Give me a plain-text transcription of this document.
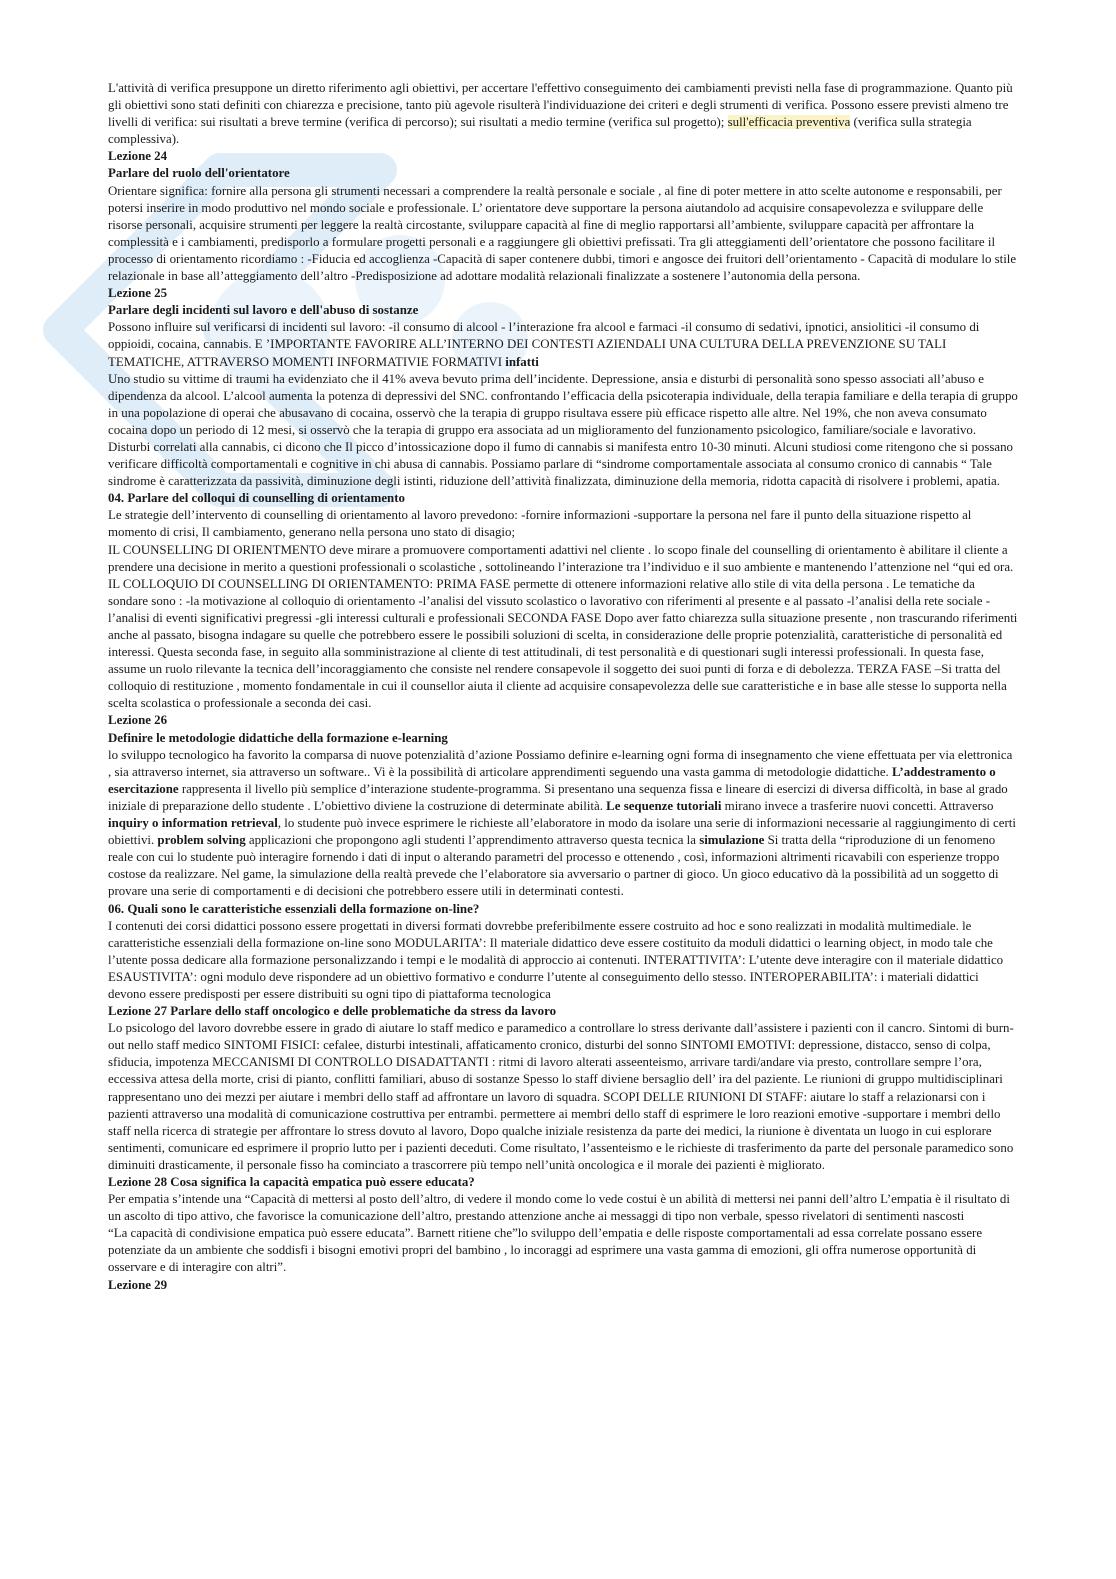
L'attività di verifica presuppone un diretto riferimento agli obiettivi, per accertare l'effettivo conseguimento dei cambiamenti previsti nella fase di programmazione. Quanto più gli obiettivi sono stati definiti con chiarezza e precisione, tanto più agevole risulterà l'individuazione dei criteri e degli strumenti di verifica. Possono essere previsti almeno tre livelli di verifica: sui risultati a breve termine (verifica di percorso); sui risultati a medio termine (verifica sul progetto); sull'efficacia preventiva (verifica sulla strategia complessiva).

Lezione 24

Parlare del ruolo dell'orientatore

Orientare significa: fornire alla persona gli strumenti necessari a comprendere la realtà personale e sociale , al fine di poter mettere in atto scelte autonome e responsabili, per potersi inserire in modo produttivo nel mondo sociale e professionale. L’ orientatore deve supportare la persona aiutandolo ad acquisire consapevolezza e sviluppare delle risorse personali, acquisire strumenti per leggere la realtà circostante, sviluppare capacità al fine di meglio rapportarsi all’ambiente, sviluppare capacità per affrontare la complessità e i cambiamenti, predisporlo a formulare progetti personali e a raggiungere gli obiettivi prefissati. Tra gli atteggiamenti dell’orientatore che possono facilitare il processo di orientamento ricordiamo : -Fiducia ed accoglienza -Capacità di saper contenere dubbi, timori e angosce dei fruitori dell’orientamento - Capacità di modulare lo stile relazionale in base all’atteggiamento dell’altro -Predisposizione ad adottare modalità relazionali finalizzate a sostenere l’autonomia della persona.

Lezione 25

Parlare degli incidenti sul lavoro e dell'abuso di sostanze

Possono influire sul verificarsi di incidenti sul lavoro: -il consumo di alcool - l’interazione fra alcool e farmaci -il consumo di sedativi, ipnotici, ansiolitici -il consumo di oppioidi, cocaina, cannabis. E ’IMPORTANTE FAVORIRE ALL’INTERNO DEI CONTESTI AZIENDALI UNA CULTURA DELLA PREVENZIONE SU TALI TEMATICHE, ATTRAVERSO MOMENTI INFORMATIVIE FORMATIVI infatti

Uno studio su vittime di traumi ha evidenziato che il 41% aveva bevuto prima dell’incidente. Depressione, ansia e disturbi di personalità sono spesso associati all’abuso e dipendenza da alcool. L’alcool aumenta la potenza di depressivi del SNC. confrontando l’efficacia della psicoterapia individuale, della terapia familiare e della terapia di gruppo in una popolazione di operai che abusavano di cocaina, osservò che la terapia di gruppo risultava essere più efficace rispetto alle altre. Nel 19%, che non aveva consumato cocaina dopo un periodo di 12 mesi, si osservò che la terapia di gruppo era associata ad un miglioramento del funzionamento psicologico, familiare/sociale e lavorativo. Disturbi correlati alla cannabis, ci dicono che Il picco d’intossicazione dopo il fumo di cannabis si manifesta entro 10-30 minuti. Alcuni studiosi come ritengono che si possano verificare difficoltà comportamentali e cognitive in chi abusa di cannabis. Possiamo parlare di “sindrome comportamentale associata al consumo cronico di cannabis “ Tale sindrome è caratterizzata da passività, diminuzione degli istinti, riduzione dell’attività finalizzata, diminuzione della memoria, ridotta capacità di risolvere i problemi, apatia.

04. Parlare del colloqui di counselling di orientamento

Le strategie dell’intervento di counselling di orientamento al lavoro prevedono: -fornire informazioni -supportare la persona nel fare il punto della situazione rispetto al momento di crisi, Il cambiamento, generano nella persona uno stato di disagio;

IL COUNSELLING DI ORIENTMENTO deve mirare a promuovere comportamenti adattivi nel cliente . lo scopo finale del counselling di orientamento è abilitare il cliente a prendere una decisione in merito a questioni professionali o scolastiche , sottolineando l’interazione tra l’individuo e il suo ambiente e mantenendo l’attenzione nel “qui ed ora.

IL COLLOQUIO DI COUNSELLING DI ORIENTAMENTO: PRIMA FASE permette di ottenere informazioni relative allo stile di vita della persona . Le tematiche da sondare sono : -la motivazione al colloquio di orientamento -l’analisi del vissuto scolastico o lavorativo con riferimenti al presente e al passato -l’analisi della rete sociale -l’analisi di eventi significativi pregressi -gli interessi culturali e professionali SECONDA FASE Dopo aver fatto chiarezza sulla situazione presente , non trascurando riferimenti anche al passato, bisogna indagare su quelle che potrebbero essere le possibili soluzioni di scelta, in considerazione delle proprie potenzialità, caratteristiche di personalità ed interessi. Questa seconda fase, in seguito alla somministrazione al cliente di test attitudinali, di test personalità e di questionari sugli interessi professionali. In questa fase, assume un ruolo rilevante la tecnica dell’incoraggiamento che consiste nel rendere consapevole il soggetto dei suoi punti di forza e di debolezza. TERZA FASE –Si tratta del colloquio di restituzione , momento fondamentale in cui il counsellor aiuta il cliente ad acquisire consapevolezza delle sue caratteristiche e in base alle stesse lo supporta nella scelta scolastica o professionale a seconda dei casi.

Lezione 26

Definire le metodologie didattiche della formazione e-learning

lo sviluppo tecnologico ha favorito la comparsa di nuove potenzialità d’azione Possiamo definire e-learning ogni forma di insegnamento che viene effettuata per via elettronica , sia attraverso internet, sia attraverso un software.. Vi è la possibilità di articolare apprendimenti seguendo una vasta gamma di metodologie didattiche. L’addestramento o esercitazione rappresenta il livello più semplice d’interazione studente-programma. Si presentano una sequenza fissa e lineare di esercizi di diversa difficoltà, in base al grado iniziale di preparazione dello studente . L’obiettivo diviene la costruzione di determinate abilità. Le sequenze tutoriali mirano invece a trasferire nuovi concetti. Attraverso inquiry o information retrieval, lo studente può invece esprimere le richieste all’elaboratore in modo da isolare una serie di informazioni necessarie al raggiungimento di certi obiettivi. problem solving applicazioni che propongono agli studenti l’apprendimento attraverso questa tecnica la simulazione Si tratta della “riproduzione di un fenomeno reale con cui lo studente può interagire fornendo i dati di input o alterando parametri del processo e ottenendo , così, informazioni altrimenti ricavabili con esperienze troppo costose da realizzare. Nel game, la simulazione della realtà prevede che l’elaboratore sia avversario o partner di gioco. Un gioco educativo dà la possibilità ad un soggetto di provare una serie di comportamenti e di decisioni che potrebbero essere utili in determinati contesti.

06. Quali sono le caratteristiche essenziali della formazione on-line?

I contenuti dei corsi didattici possono essere progettati in diversi formati dovrebbe preferibilmente essere costruito ad hoc e sono realizzati in modalità multimediale. le caratteristiche essenziali della formazione on-line sono MODULARITA’: Il materiale didattico deve essere costituito da moduli didattici o learning object, in modo tale che l’utente possa dedicare alla formazione personalizzando i tempi e le modalità di approccio ai contenuti. INTERATTIVITA’: L’utente deve interagire con il materiale didattico ESAUSTIVITA’: ogni modulo deve rispondere ad un obiettivo formativo e condurre l’utente al conseguimento dello stesso. INTEROPERABILITA’: i materiali didattici devono essere predisposti per essere distribuiti su ogni tipo di piattaforma tecnologica

Lezione 27 Parlare dello staff oncologico e delle problematiche da stress da lavoro

Lo psicologo del lavoro dovrebbe essere in grado di aiutare lo staff medico e paramedico a controllare lo stress derivante dall’assistere i pazienti con il cancro. Sintomi di burn-out nello staff medico SINTOMI FISICI: cefalee, disturbi intestinali, affaticamento cronico, disturbi del sonno SINTOMI EMOTIVI: depressione, distacco, senso di colpa, sfiducia, impotenza MECCANISMI DI CONTROLLO DISADATTANTI : ritmi di lavoro alterati asseenteismo, arrivare tardi/andare via presto, controllare sempre l’ora, eccessiva attesa della morte, crisi di pianto, conflitti familiari, abuso di sostanze Spesso lo staff diviene bersaglio dell’ ira del paziente. Le riunioni di gruppo multidisciplinari rappresentano uno dei mezzi per aiutare i membri dello staff ad affrontare un lavoro di squadra. SCOPI DELLE RIUNIONI DI STAFF: aiutare lo staff a relazionarsi con i pazienti attraverso una modalità di comunicazione costruttiva per entrambi. permettere ai membri dello staff di esprimere le loro reazioni emotive -supportare i membri dello staff nella ricerca di strategie per affrontare lo stress dovuto al lavoro, Dopo qualche iniziale resistenza da parte dei medici, la riunione è diventata un luogo in cui esplorare sentimenti, comunicare ed esprimere il proprio lutto per i pazienti deceduti. Come risultato, l’assenteismo e le richieste di trasferimento da parte del personale paramedico sono diminuiti drasticamente, il personale fisso ha cominciato a trascorrere più tempo nell’unità oncologica e il morale dei pazienti è migliorato.

Lezione 28 Cosa significa la capacità empatica può essere educata?

Per empatia s’intende una “Capacità di mettersi al posto dell’altro, di vedere il mondo come lo vede costui è un abilità di mettersi nei panni dell’altro L’empatia è il risultato di un ascolto di tipo attivo, che favorisce la comunicazione dell’altro, prestando attenzione anche ai messaggi di tipo non verbale, spesso rivelatori di sentimenti nascosti

“La capacità di condivisione empatica può essere educata”. Barnett ritiene che”lo sviluppo dell’empatia e delle risposte comportamentali ad essa correlate possano essere potenziate da un ambiente che soddisfi i bisogni emotivi propri del bambino , lo incoraggi ad esprimere una vasta gamma di emozioni, gli offra numerose opportunità di osservare e di interagire con altri”.

Lezione 29
